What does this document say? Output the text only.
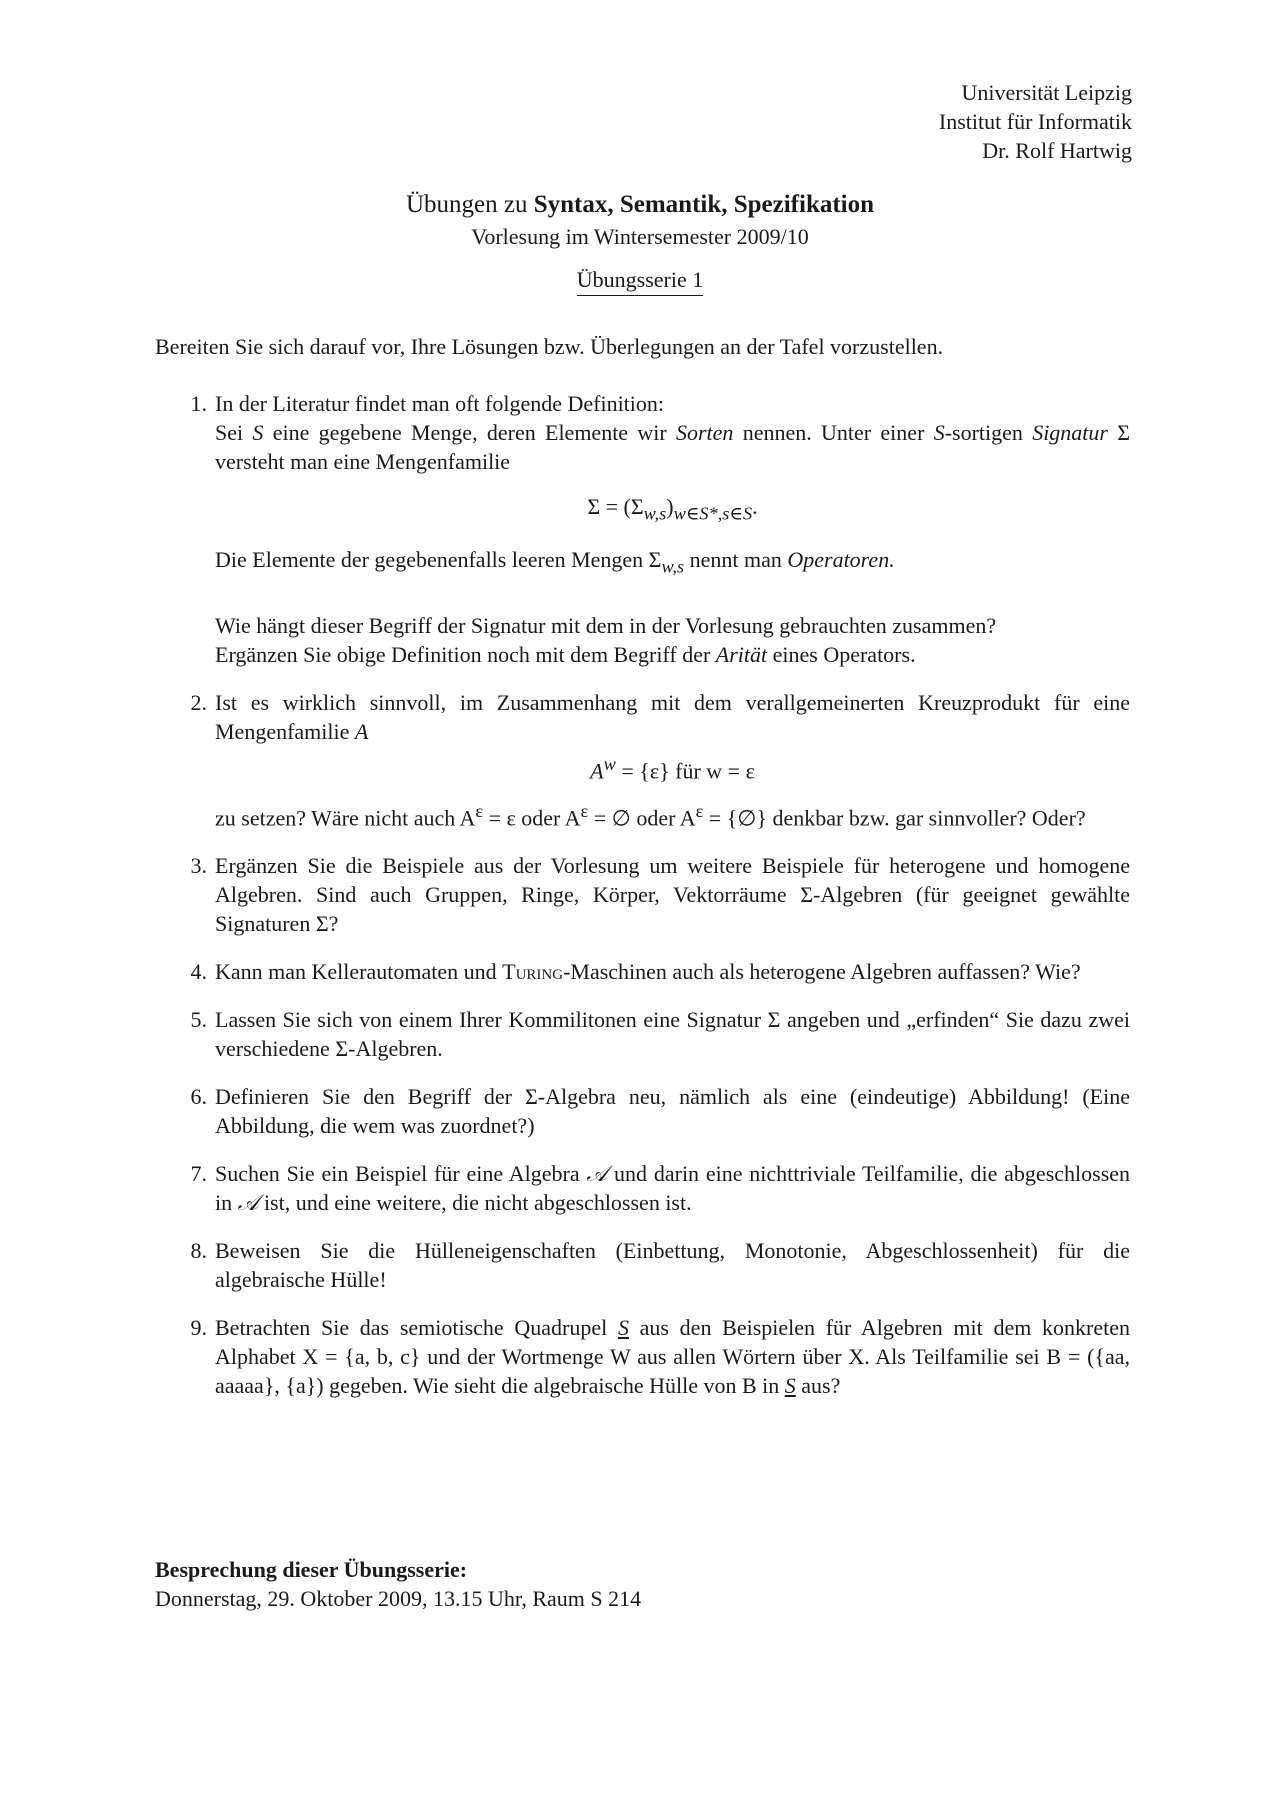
Universität Leipzig
Institut für Informatik
Dr. Rolf Hartwig
Übungen zu Syntax, Semantik, Spezifikation
Vorlesung im Wintersemester 2009/10
Übungsserie 1
Bereiten Sie sich darauf vor, Ihre Lösungen bzw. Überlegungen an der Tafel vorzustellen.
1. In der Literatur findet man oft folgende Definition:
Sei S eine gegebene Menge, deren Elemente wir Sorten nennen. Unter einer S-sortigen Signatur Σ versteht man eine Mengenfamilie
$\Sigma = (\Sigma_{w,s})_{w\in S*,s\in S}$.
Die Elemente der gegebenenfalls leeren Mengen $\Sigma_{w,s}$ nennt man Operatoren.
Wie hängt dieser Begriff der Signatur mit dem in der Vorlesung gebrauchten zusammen?
Ergänzen Sie obige Definition noch mit dem Begriff der Arität eines Operators.
2. Ist es wirklich sinnvoll, im Zusammenhang mit dem verallgemeinerten Kreuzprodukt für eine Mengenfamilie A
$A^w = \{\varepsilon\}$ für w = ε
zu setzen? Wäre nicht auch $A^\varepsilon = \varepsilon$ oder $A^\varepsilon$ = ∅ oder $A^\varepsilon$ = {∅} denkbar bzw. gar sinnvoller? Oder?
3. Ergänzen Sie die Beispiele aus der Vorlesung um weitere Beispiele für heterogene und homogene Algebren. Sind auch Gruppen, Ringe, Körper, Vektorräume Σ-Algebren (für geeignet gewählte Signaturen Σ?
4. Kann man Kellerautomaten und Turing-Maschinen auch als heterogene Algebren auffassen? Wie?
5. Lassen Sie sich von einem Ihrer Kommilitonen eine Signatur Σ angeben und „erfinden“ Sie dazu zwei verschiedene Σ-Algebren.
6. Definieren Sie den Begriff der Σ-Algebra neu, nämlich als eine (eindeutige) Abbildung! (Eine Abbildung, die wem was zuordnet?)
7. Suchen Sie ein Beispiel für eine Algebra 𝒜 und darin eine nichttriviale Teilfamilie, die abgeschlossen in 𝒜 ist, und eine weitere, die nicht abgeschlossen ist.
8. Beweisen Sie die Hülleneigenschaften (Einbettung, Monotonie, Abgeschlossenheit) für die algebraische Hülle!
9. Betrachten Sie das semiotische Quadrupel S aus den Beispielen für Algebren mit dem konkreten Alphabet X = {a, b, c} und der Wortmenge W aus allen Wörtern über X. Als Teilfamilie sei B = ({aa, aaaaa}, {a}) gegeben. Wie sieht die algebraische Hülle von B in S aus?
Besprechung dieser Übungsserie:
Donnerstag, 29. Oktober 2009, 13.15 Uhr, Raum S 214
